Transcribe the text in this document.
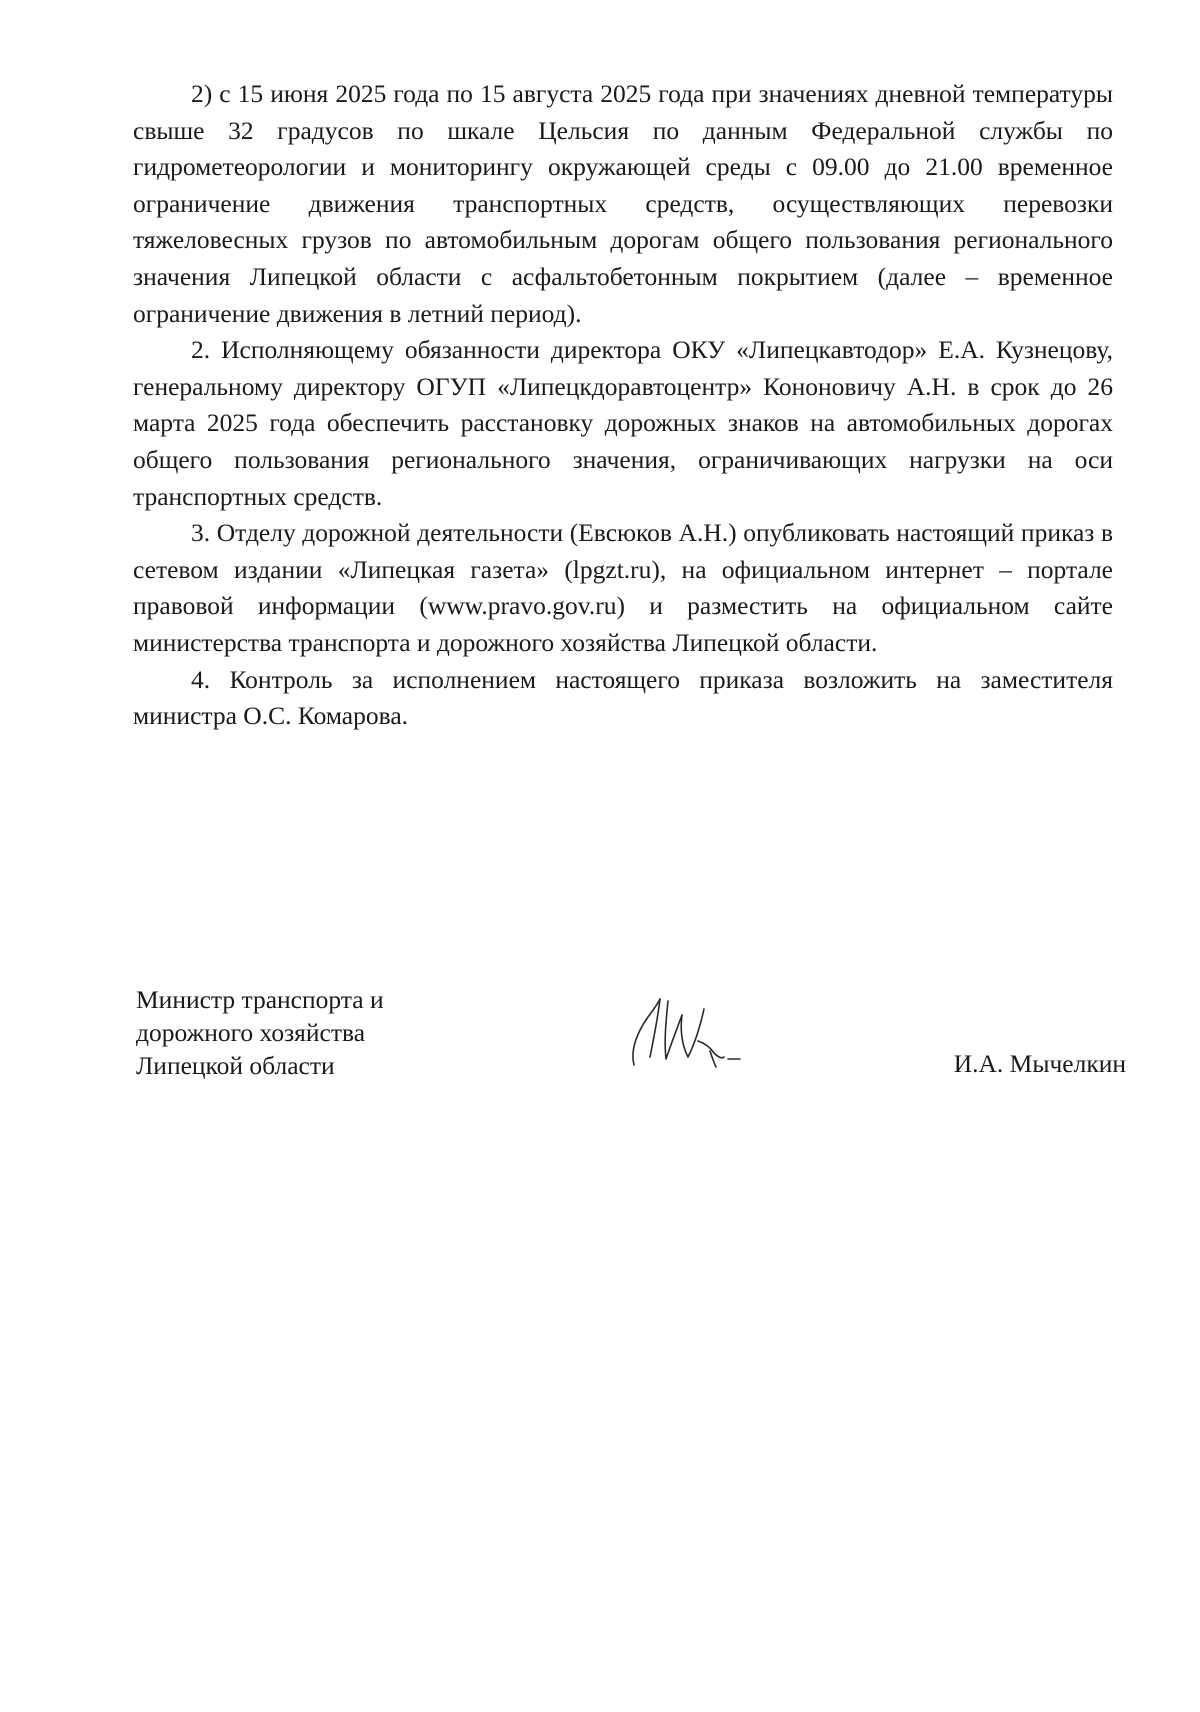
2) с 15 июня 2025 года по 15 августа 2025 года при значениях дневной температуры свыше 32 градусов по шкале Цельсия по данным Федеральной службы по гидрометеорологии и мониторингу окружающей среды с 09.00 до 21.00 временное ограничение движения транспортных средств, осуществляющих перевозки тяжеловесных грузов по автомобильным дорогам общего пользования регионального значения Липецкой области с асфальтобетонным покрытием (далее – временное ограничение движения в летний период).

2. Исполняющему обязанности директора ОКУ «Липецкавтодор» Е.А. Кузнецову, генеральному директору ОГУП «Липецкдоравтоцентр» Кононовичу А.Н. в срок до 26 марта 2025 года обеспечить расстановку дорожных знаков на автомобильных дорогах общего пользования регионального значения, ограничивающих нагрузки на оси транспортных средств.

3. Отделу дорожной деятельности (Евсюков А.Н.) опубликовать настоящий приказ в сетевом издании «Липецкая газета» (lpgzt.ru), на официальном интернет – портале правовой информации (www.pravo.gov.ru) и разместить на официальном сайте министерства транспорта и дорожного хозяйства Липецкой области.

4. Контроль за исполнением настоящего приказа возложить на заместителя министра О.С. Комарова.

Министр транспорта и
дорожного хозяйства
Липецкой области	И.А. Мычелкин
